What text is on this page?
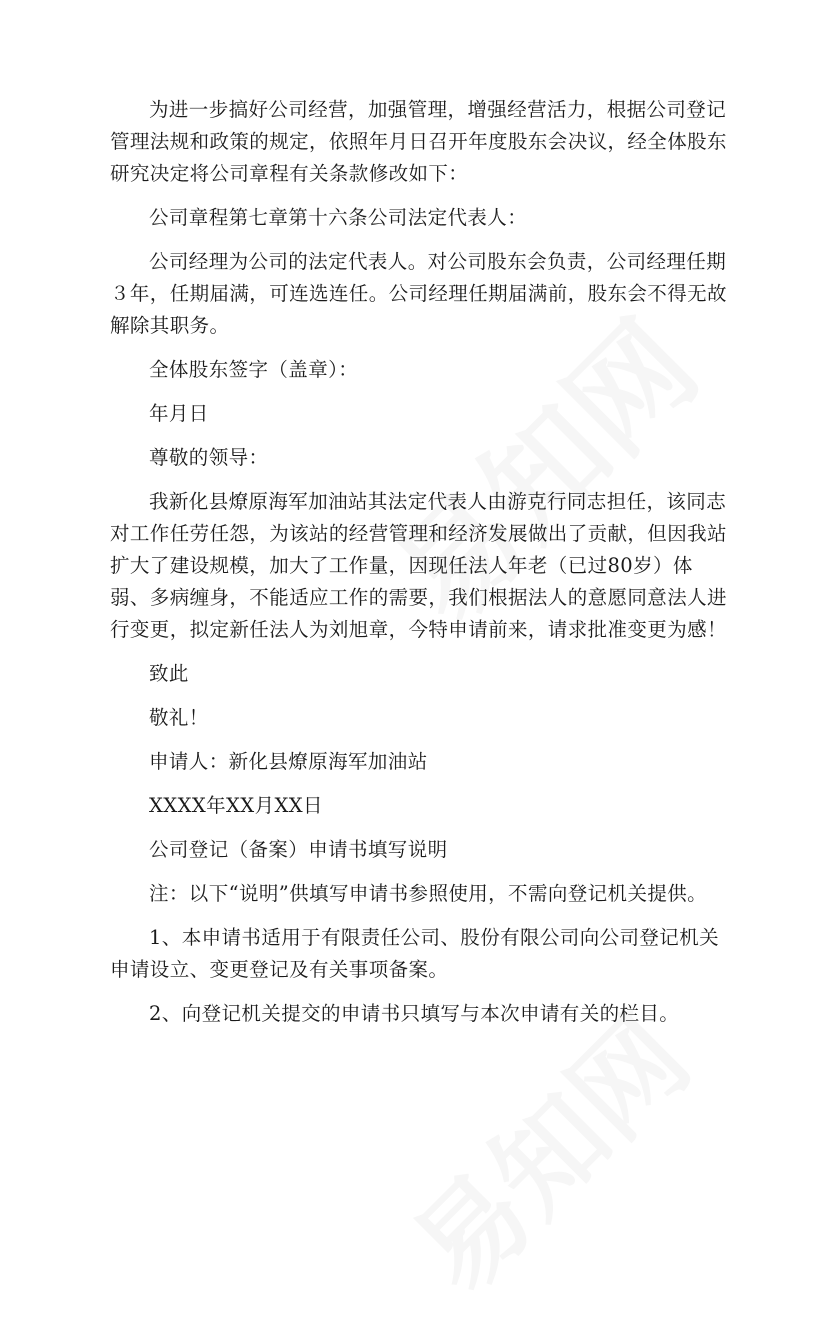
为进一步搞好公司经营，加强管理，增强经营活力，根据公司登记管理法规和政策的规定，依照年月日召开年度股东会决议，经全体股东研究决定将公司章程有关条款修改如下：

公司章程第七章第十六条公司法定代表人：

公司经理为公司的法定代表人。对公司股东会负责，公司经理任期３年，任期届满，可连选连任。公司经理任期届满前，股东会不得无故解除其职务。

全体股东签字（盖章）：

年月日

尊敬的领导：

我新化县燎原海军加油站其法定代表人由游克行同志担任，该同志对工作任劳任怨，为该站的经营管理和经济发展做出了贡献，但因我站扩大了建设规模，加大了工作量，因现任法人年老（已过80岁）体弱、多病缠身，不能适应工作的需要，我们根据法人的意愿同意法人进行变更，拟定新任法人为刘旭章，今特申请前来，请求批准变更为感！

致此

敬礼！

申请人：新化县燎原海军加油站

XXXX年XX月XX日

公司登记（备案）申请书填写说明

注：以下“说明”供填写申请书参照使用，不需向登记机关提供。

1、本申请书适用于有限责任公司、股份有限公司向公司登记机关申请设立、变更登记及有关事项备案。

2、向登记机关提交的申请书只填写与本次申请有关的栏目。
